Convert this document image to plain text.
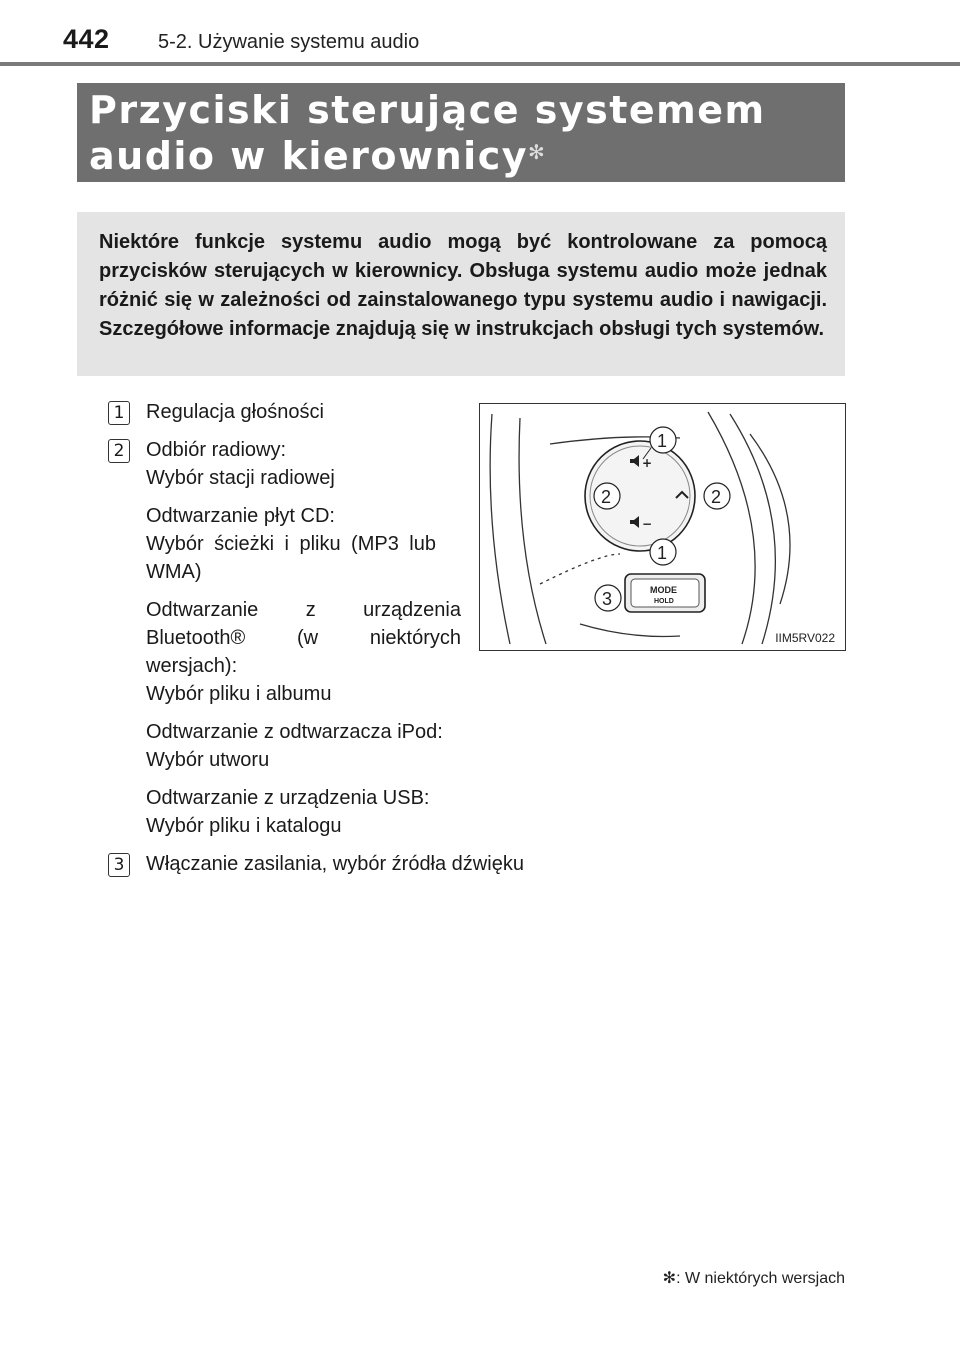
442 5-2. Używanie systemu audio
Przyciski sterujące systemem audio w kierownicy✻

Niektóre funkcje systemu audio mogą być kontrolowane za pomocą przycisków sterujących w kierownicy. Obsługa systemu audio może jednak różnić się w zależności od zainstalowanego typu systemu audio i nawigacji. Szczegółowe informacje znajdują się w instrukcjach obsługi tych systemów.

1 Regulacja głośności
2 Odbiór radiowy:
Wybór stacji radiowej
Odtwarzanie płyt CD:
Wybór ścieżki i pliku (MP3 lub WMA)
Odtwarzanie z urządzenia Bluetooth® (w niektórych wersjach):
Wybór pliku i albumu
Odtwarzanie z odtwarzacza iPod:
Wybór utworu
Odtwarzanie z urządzenia USB:
Wybór pliku i katalogu
3 Włączanie zasilania, wybór źródła dźwięku
+
−
MODE
HOLD
1
2	2
1
3
IIM5RV022
✻: W niektórych wersjach
